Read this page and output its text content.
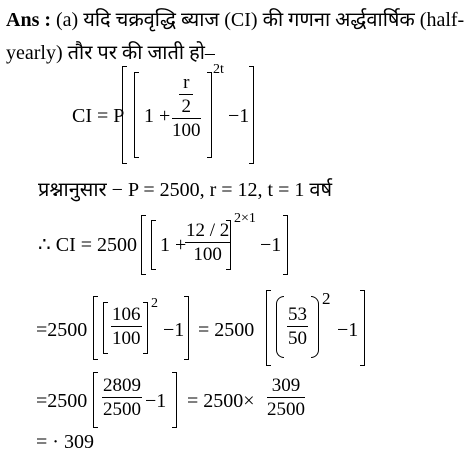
Ans : (a) यदि चक्रवृद्धि ब्याज (CI) की गणना अर्द्धवार्षिक (half-
yearly) तौर पर की जाती हो–
CI = P 1 +
r
2
100
2t
−1
प्रश्नानुसार − P = 2500, r = 12, t = 1 वर्ष
∴ CI = 2500 1 +
12 / 2
100
2×1
−1
=2500
106
100
2
−1 = 2500
53
50
2
−1
=2500
2809
2500 −1 = 2500×
309
2500
= · 309
